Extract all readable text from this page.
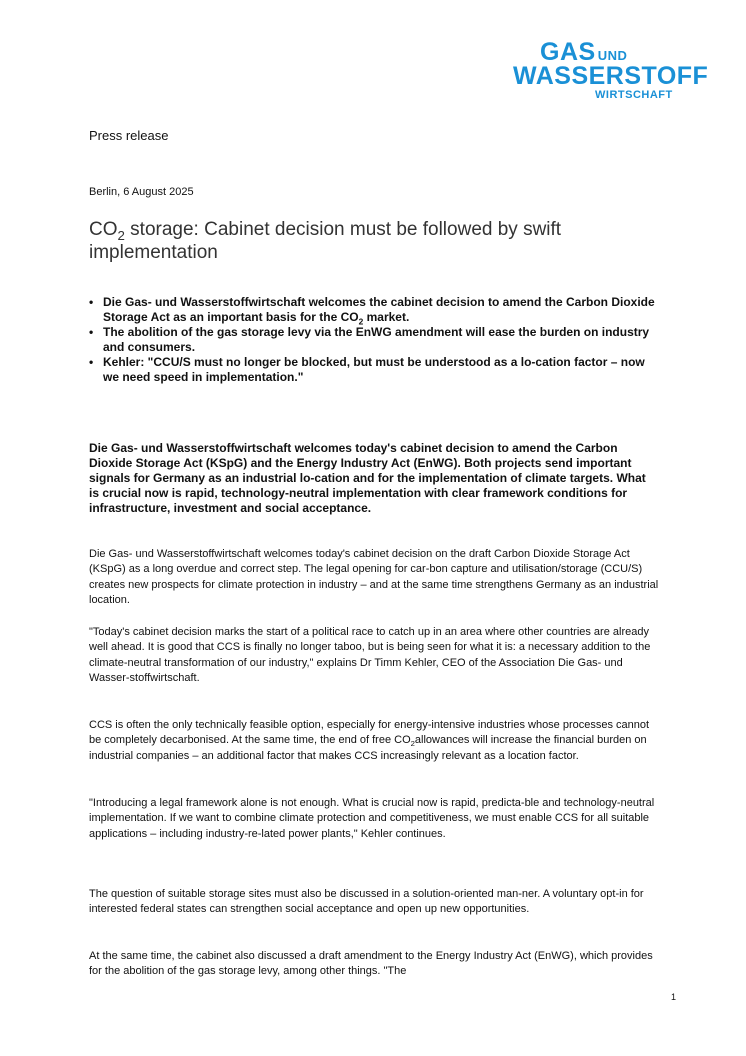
GAS UND
WASSERSTOFF
WIRTSCHAFT
Press release
Berlin, 6 August 2025
$CO_2$ storage: Cabinet decision must be followed by swift implementation
• Die Gas- und Wasserstoffwirtschaft welcomes the cabinet decision to amend the Carbon Dioxide Storage Act as an important basis for the $CO_2$ market.
• The abolition of the gas storage levy via the EnWG amendment will ease the burden on industry and consumers.
• Kehler: "CCU/S must no longer be blocked, but must be understood as a lo-cation factor – now we need speed in implementation."
Die Gas- und Wasserstoffwirtschaft welcomes today's cabinet decision to amend the Carbon Dioxide Storage Act (KSpG) and the Energy Industry Act (EnWG). Both projects send important signals for Germany as an industrial lo-cation and for the implementation of climate targets. What is crucial now is rapid, technology-neutral implementation with clear framework conditions for infrastructure, investment and social acceptance.
Die Gas- und Wasserstoffwirtschaft welcomes today's cabinet decision on the draft Carbon Dioxide Storage Act (KSpG) as a long overdue and correct step. The legal opening for car-bon capture and utilisation/storage (CCU/S) creates new prospects for climate protection in industry – and at the same time strengthens Germany as an industrial location.
"Today's cabinet decision marks the start of a political race to catch up in an area where other countries are already well ahead. It is good that CCS is finally no longer taboo, but is being seen for what it is: a necessary addition to the climate-neutral transformation of our industry," explains Dr Timm Kehler, CEO of the Association Die Gas- und Wasser-stoffwirtschaft.
CCS is often the only technically feasible option, especially for energy-intensive industries whose processes cannot be completely decarbonised. At the same time, the end of free $CO_2allowances$ will increase the financial burden on industrial companies – an additional factor that makes CCS increasingly relevant as a location factor.
"Introducing a legal framework alone is not enough. What is crucial now is rapid, predicta-ble and technology-neutral implementation. If we want to combine climate protection and competitiveness, we must enable CCS for all suitable applications – including industry-re-lated power plants," Kehler continues.
The question of suitable storage sites must also be discussed in a solution-oriented man-ner. A voluntary opt-in for interested federal states can strengthen social acceptance and open up new opportunities.
At the same time, the cabinet also discussed a draft amendment to the Energy Industry Act (EnWG), which provides for the abolition of the gas storage levy, among other things. "The
1
